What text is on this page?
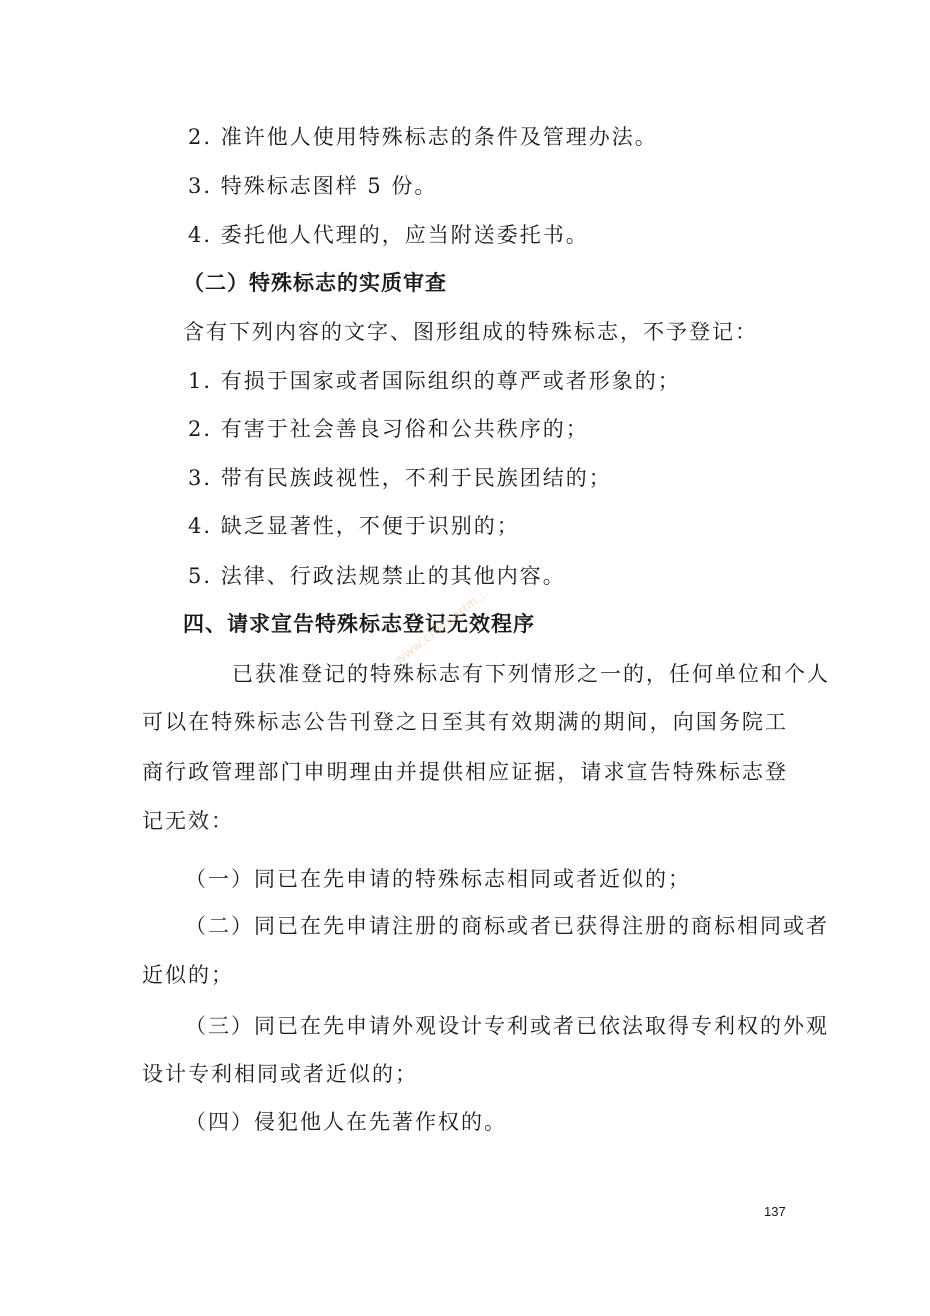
2. 准许他人使用特殊标志的条件及管理办法。
3. 特殊标志图样 5 份。
4. 委托他人代理的，应当附送委托书。
（二）特殊标志的实质审查
含有下列内容的文字、图形组成的特殊标志，不予登记：
1. 有损于国家或者国际组织的尊严或者形象的；
2. 有害于社会善良习俗和公共秩序的；
3. 带有民族歧视性，不利于民族团结的；
4. 缺乏显著性，不便于识别的；
5. 法律、行政法规禁止的其他内容。
四、请求宣告特殊标志登记无效程序
已获准登记的特殊标志有下列情形之一的，任何单位和个人
可以在特殊标志公告刊登之日至其有效期满的期间，向国务院工
商行政管理部门申明理由并提供相应证据，请求宣告特殊标志登
记无效：
（一）同已在先申请的特殊标志相同或者近似的；
（二）同已在先申请注册的商标或者已获得注册的商标相同或者
近似的；
（三）同已在先申请外观设计专利或者已依法取得专利权的外观
设计专利相同或者近似的；
（四）侵犯他人在先著作权的。
www.chinaartm...
137
